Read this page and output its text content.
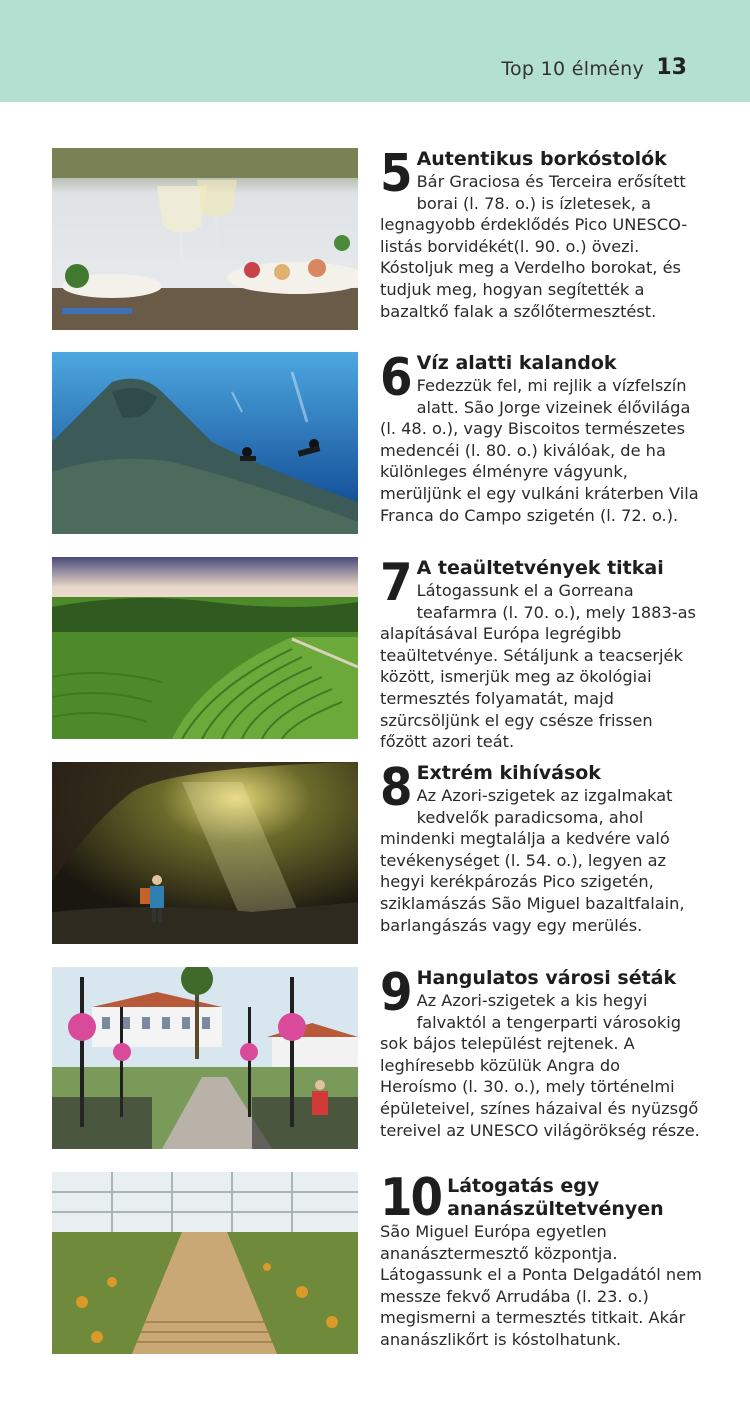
Top 10 élmény 13
5 Autentikus borkóstolók
Bár Graciosa és Terceira erősített borai (l. 78. o.) is ízletesek, a legnagyobb érdeklődés Pico UNESCO-listás borvidékét(l. 90. o.) övezi. Kóstoljuk meg a Verdelho borokat, és tudjuk meg, hogyan segítették a bazaltkő falak a szőlőtermesztést.
6 Víz alatti kalandok
Fedezzük fel, mi rejlik a vízfelszín alatt. São Jorge vizeinek élővilága (l. 48. o.), vagy Biscoitos természetes medencéi (l. 80. o.) kiválóak, de ha különleges élményre vágyunk, merüljünk el egy vulkáni kráterben Vila Franca do Campo szigetén (l. 72. o.).
7 A teaültetvények titkai
Látogassunk el a Gorreana teafarmra (l. 70. o.), mely 1883-as alapításával Európa legrégibb teaültetvénye. Sétáljunk a teacserjék között, ismerjük meg az ökológiai termesztés folyamatát, majd szürcsöljünk el egy csésze frissen főzött azori teát.
8 Extrém kihívások
Az Azori-szigetek az izgalmakat kedvelők paradicsoma, ahol mindenki megtalálja a kedvére való tevékenységet (l. 54. o.), legyen az hegyi kerékpározás Pico szigetén, sziklamászás São Miguel bazaltfalain, barlangászás vagy egy merülés.
9 Hangulatos városi séták
Az Azori-szigetek a kis hegyi falvaktól a tengerparti városokig sok bájos települést rejtenek. A leghíresebb közülük Angra do Heroísmo (l. 30. o.), mely történelmi épületeivel, színes házaival és nyüzsgő tereivel az UNESCO világörökség része.
10 Látogatás egy ananászültetvényen
São Miguel Európa egyetlen ananásztermesztő központja. Látogassunk el a Ponta Delgadától nem messze fekvő Arrudába (l. 23. o.) megismerni a termesztés titkait. Akár ananászlikőrt is kóstolhatunk.
